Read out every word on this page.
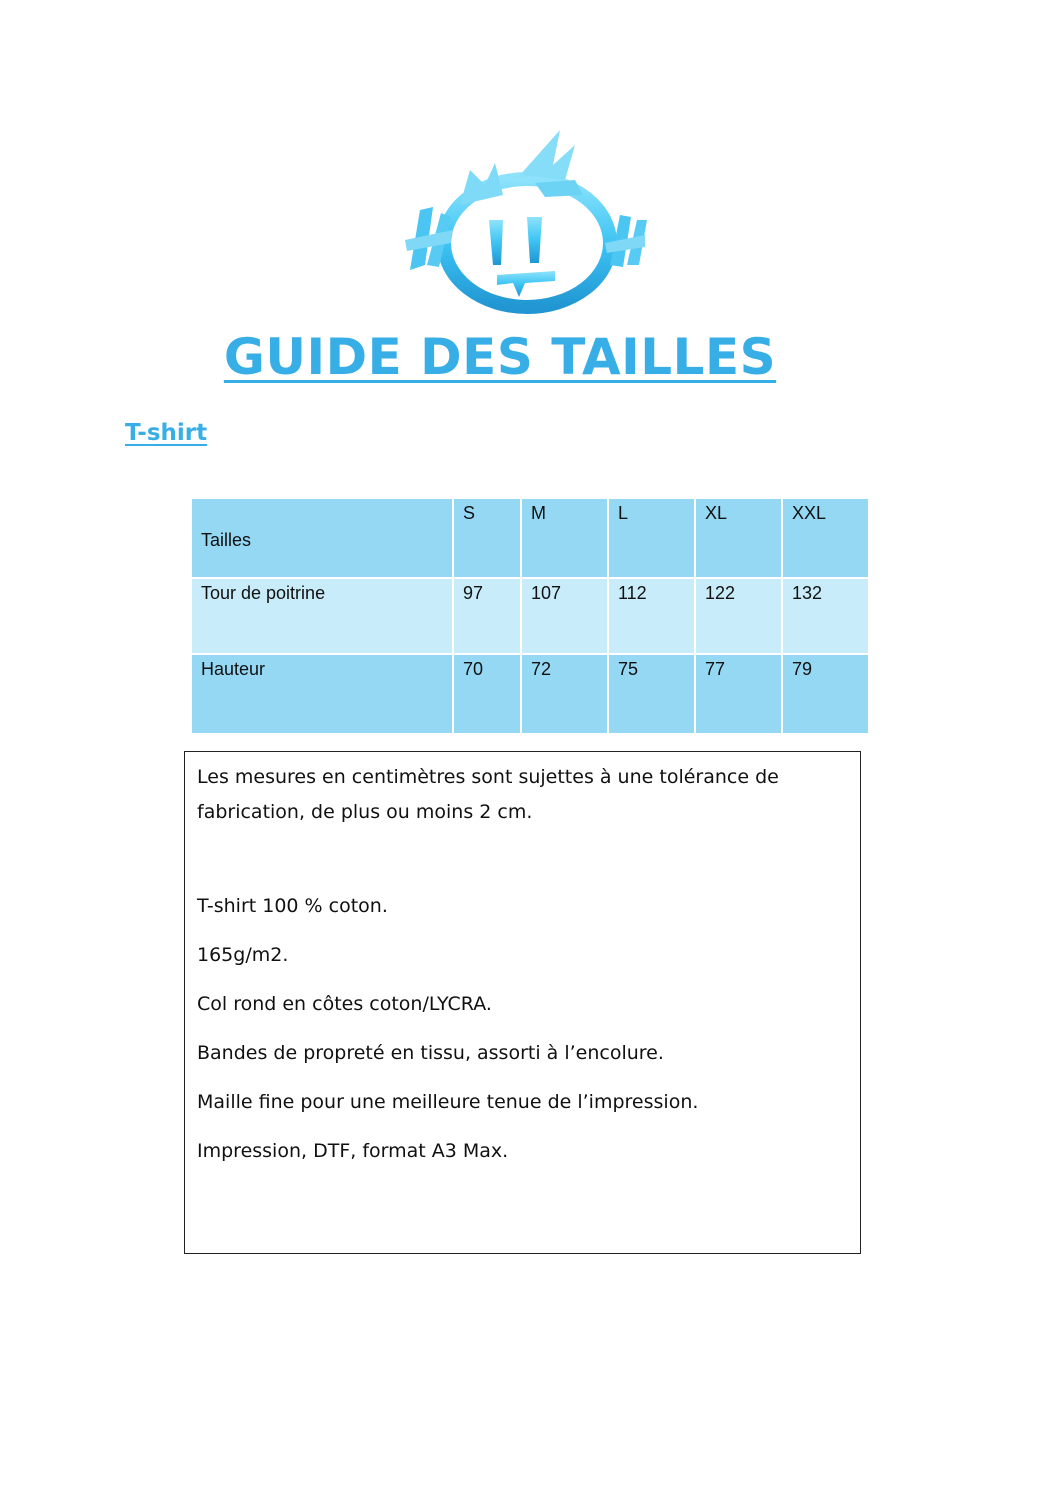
GUIDE DES TAILLES
T-shirt
Tailles	S	M	L	XL	XXL
Tour de poitrine	97	107	112	122	132
Hauteur	70	72	75	77	79

Les mesures en centimètres sont sujettes à une tolérance de fabrication, de plus ou moins 2 cm.

T-shirt 100 % coton.

165g/m2.

Col rond en côtes coton/LYCRA.

Bandes de propreté en tissu, assorti à l’encolure.

Maille fine pour une meilleure tenue de l’impression.

Impression, DTF, format A3 Max.
